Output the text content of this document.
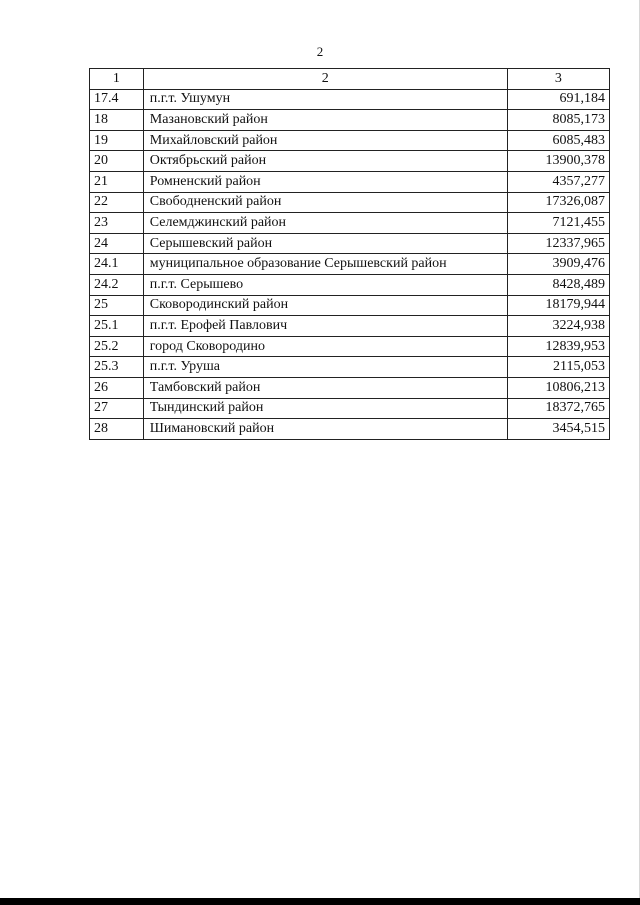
2
1	2	3
17.4	п.г.т. Ушумун	691,184
18	Мазановский район	8085,173
19	Михайловский район	6085,483
20	Октябрьский район	13900,378
21	Ромненский район	4357,277
22	Свободненский район	17326,087
23	Селемджинский район	7121,455
24	Серышевский район	12337,965
24.1	муниципальное образование Серышевский район	3909,476
24.2	п.г.т. Серышево	8428,489
25	Сковородинский район	18179,944
25.1	п.г.т. Ерофей Павлович	3224,938
25.2	город Сковородино	12839,953
25.3	п.г.т. Уруша	2115,053
26	Тамбовский район	10806,213
27	Тындинский район	18372,765
28	Шимановский район	3454,515
